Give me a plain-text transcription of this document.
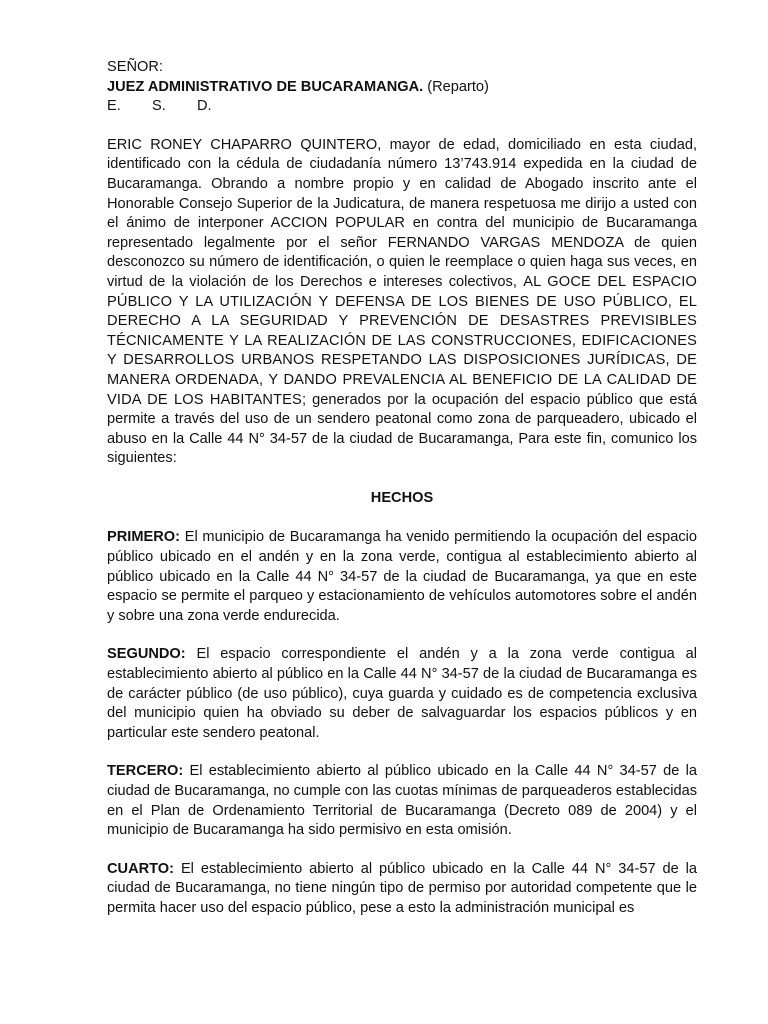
SEÑOR:
JUEZ ADMINISTRATIVO DE BUCARAMANGA. (Reparto)
E. S. D.

ERIC RONEY CHAPARRO QUINTERO, mayor de edad, domiciliado en esta ciudad, identificado con la cédula de ciudadanía número 13’743.914 expedida en la ciudad de Bucaramanga. Obrando a nombre propio y en calidad de Abogado inscrito ante el Honorable Consejo Superior de la Judicatura, de manera respetuosa me dirijo a usted con el ánimo de interponer ACCION POPULAR en contra del municipio de Bucaramanga representado legalmente por el señor FERNANDO VARGAS MENDOZA de quien desconozco su número de identificación, o quien le reemplace o quien haga sus veces, en virtud de la violación de los Derechos e intereses colectivos, AL GOCE DEL ESPACIO PÚBLICO Y LA UTILIZACIÓN Y DEFENSA DE LOS BIENES DE USO PÚBLICO, EL DERECHO A LA SEGURIDAD Y PREVENCIÓN DE DESASTRES PREVISIBLES TÉCNICAMENTE Y LA REALIZACIÓN DE LAS CONSTRUCCIONES, EDIFICACIONES Y DESARROLLOS URBANOS RESPETANDO LAS DISPOSICIONES JURÍDICAS, DE MANERA ORDENADA, Y DANDO PREVALENCIA AL BENEFICIO DE LA CALIDAD DE VIDA DE LOS HABITANTES; generados por la ocupación del espacio público que está permite a través del uso de un sendero peatonal como zona de parqueadero, ubicado el abuso en la Calle 44 N° 34-57 de la ciudad de Bucaramanga, Para este fin, comunico los siguientes:

HECHOS

PRIMERO: El municipio de Bucaramanga ha venido permitiendo la ocupación del espacio público ubicado en el andén y en la zona verde, contigua al establecimiento abierto al público ubicado en la Calle 44 N° 34-57 de la ciudad de Bucaramanga, ya que en este espacio se permite el parqueo y estacionamiento de vehículos automotores sobre el andén y sobre una zona verde endurecida.

SEGUNDO: El espacio correspondiente el andén y a la zona verde contigua al establecimiento abierto al público en la Calle 44 N° 34-57 de la ciudad de Bucaramanga es de carácter público (de uso público), cuya guarda y cuidado es de competencia exclusiva del municipio quien ha obviado su deber de salvaguardar los espacios públicos y en particular este sendero peatonal.

TERCERO: El establecimiento abierto al público ubicado en la Calle 44 N° 34-57 de la ciudad de Bucaramanga, no cumple con las cuotas mínimas de parqueaderos establecidas en el Plan de Ordenamiento Territorial de Bucaramanga (Decreto 089 de 2004) y el municipio de Bucaramanga ha sido permisivo en esta omisión.

CUARTO: El establecimiento abierto al público ubicado en la Calle 44 N° 34-57 de la ciudad de Bucaramanga, no tiene ningún tipo de permiso por autoridad competente que le permita hacer uso del espacio público, pese a esto la administración municipal es
